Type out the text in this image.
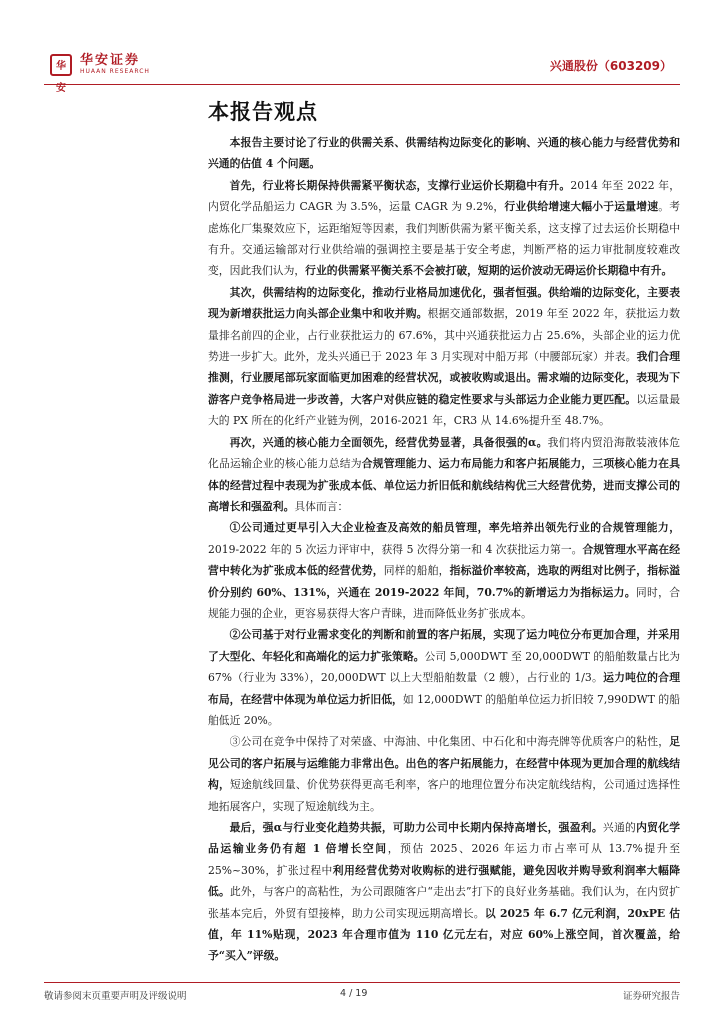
华安
华安证券
HUAAN RESEARCH	兴通股份（603209）
本报告观点

本报告主要讨论了行业的供需关系、供需结构边际变化的影响、兴通的核心能力与经营优势和兴通的估值 4 个问题。

首先，行业将长期保持供需紧平衡状态，支撑行业运价长期稳中有升。2014 年至 2022 年，内贸化学品船运力 CAGR 为 3.5%，运量 CAGR 为 9.2%，行业供给增速大幅小于运量增速。考虑炼化厂集聚效应下，运距缩短等因素，我们判断供需为紧平衡关系，这支撑了过去运价长期稳中有升。交通运输部对行业供给端的强调控主要是基于安全考虑，判断严格的运力审批制度较难改变，因此我们认为，行业的供需紧平衡关系不会被打破，短期的运价波动无碍运价长期稳中有升。

其次，供需结构的边际变化，推动行业格局加速优化，强者恒强。供给端的边际变化，主要表现为新增获批运力向头部企业集中和收并购。根据交通部数据，2019 年至 2022 年，获批运力数量排名前四的企业，占行业获批运力的 67.6%，其中兴通获批运力占 25.6%，头部企业的运力优势进一步扩大。此外，龙头兴通已于 2023 年 3 月实现对中船万邦（中腰部玩家）并表。我们合理推测，行业腰尾部玩家面临更加困难的经营状况，或被收购或退出。需求端的边际变化，表现为下游客户竞争格局进一步改善，大客户对供应链的稳定性要求与头部运力企业能力更匹配。以运量最大的 PX 所在的化纤产业链为例，2016-2021 年，CR3 从 14.6%提升至 48.7%。

再次，兴通的核心能力全面领先，经营优势显著，具备很强的α。我们将内贸沿海散装液体危化品运输企业的核心能力总结为合规管理能力、运力布局能力和客户拓展能力，三项核心能力在具体的经营过程中表现为扩张成本低、单位运力折旧低和航线结构优三大经营优势，进而支撑公司的高增长和强盈利。具体而言：

①公司通过更早引入大企业检查及高效的船员管理，率先培养出领先行业的合规管理能力，2019-2022 年的 5 次运力评审中，获得 5 次得分第一和 4 次获批运力第一。合规管理水平高在经营中转化为扩张成本低的经营优势，同样的船舶，指标溢价率较高，选取的两组对比例子，指标溢价分别约 60%、131%，兴通在 2019-2022 年间，70.7%的新增运力为指标运力。同时，合规能力强的企业，更容易获得大客户青睐，进而降低业务扩张成本。

②公司基于对行业需求变化的判断和前置的客户拓展，实现了运力吨位分布更加合理，并采用了大型化、年轻化和高端化的运力扩张策略。公司 5,000DWT 至 20,000DWT 的船舶数量占比为 67%（行业为 33%），20,000DWT 以上大型船舶数量（2 艘），占行业的 1/3。运力吨位的合理布局，在经营中体现为单位运力折旧低，如 12,000DWT 的船舶单位运力折旧较 7,990DWT 的船舶低近 20%。

③公司在竞争中保持了对荣盛、中海油、中化集团、中石化和中海壳牌等优质客户的粘性，足见公司的客户拓展与运维能力非常出色。出色的客户拓展能力，在经营中体现为更加合理的航线结构，短途航线回量、价优势获得更高毛利率，客户的地理位置分布决定航线结构，公司通过选择性地拓展客户，实现了短途航线为主。

最后，强α与行业变化趋势共振，可助力公司中长期内保持高增长，强盈利。兴通的内贸化学品运输业务仍有超 1 倍增长空间，预估 2025、2026 年运力市占率可从 13.7%提升至 25%~30%，扩张过程中利用经营优势对收购标的进行强赋能，避免因收并购导致利润率大幅降低。此外，与客户的高粘性，为公司跟随客户“走出去”打下的良好业务基础。我们认为，在内贸扩张基本完后，外贸有望接棒，助力公司实现远期高增长。以 2025 年 6.7 亿元利润，20xPE 估值，年 11%贴现，2023 年合理市值为 110 亿元左右，对应 60%上涨空间，首次覆盖，给予“买入”评级。

敬请参阅末页重要声明及评级说明	4 / 19	证券研究报告
